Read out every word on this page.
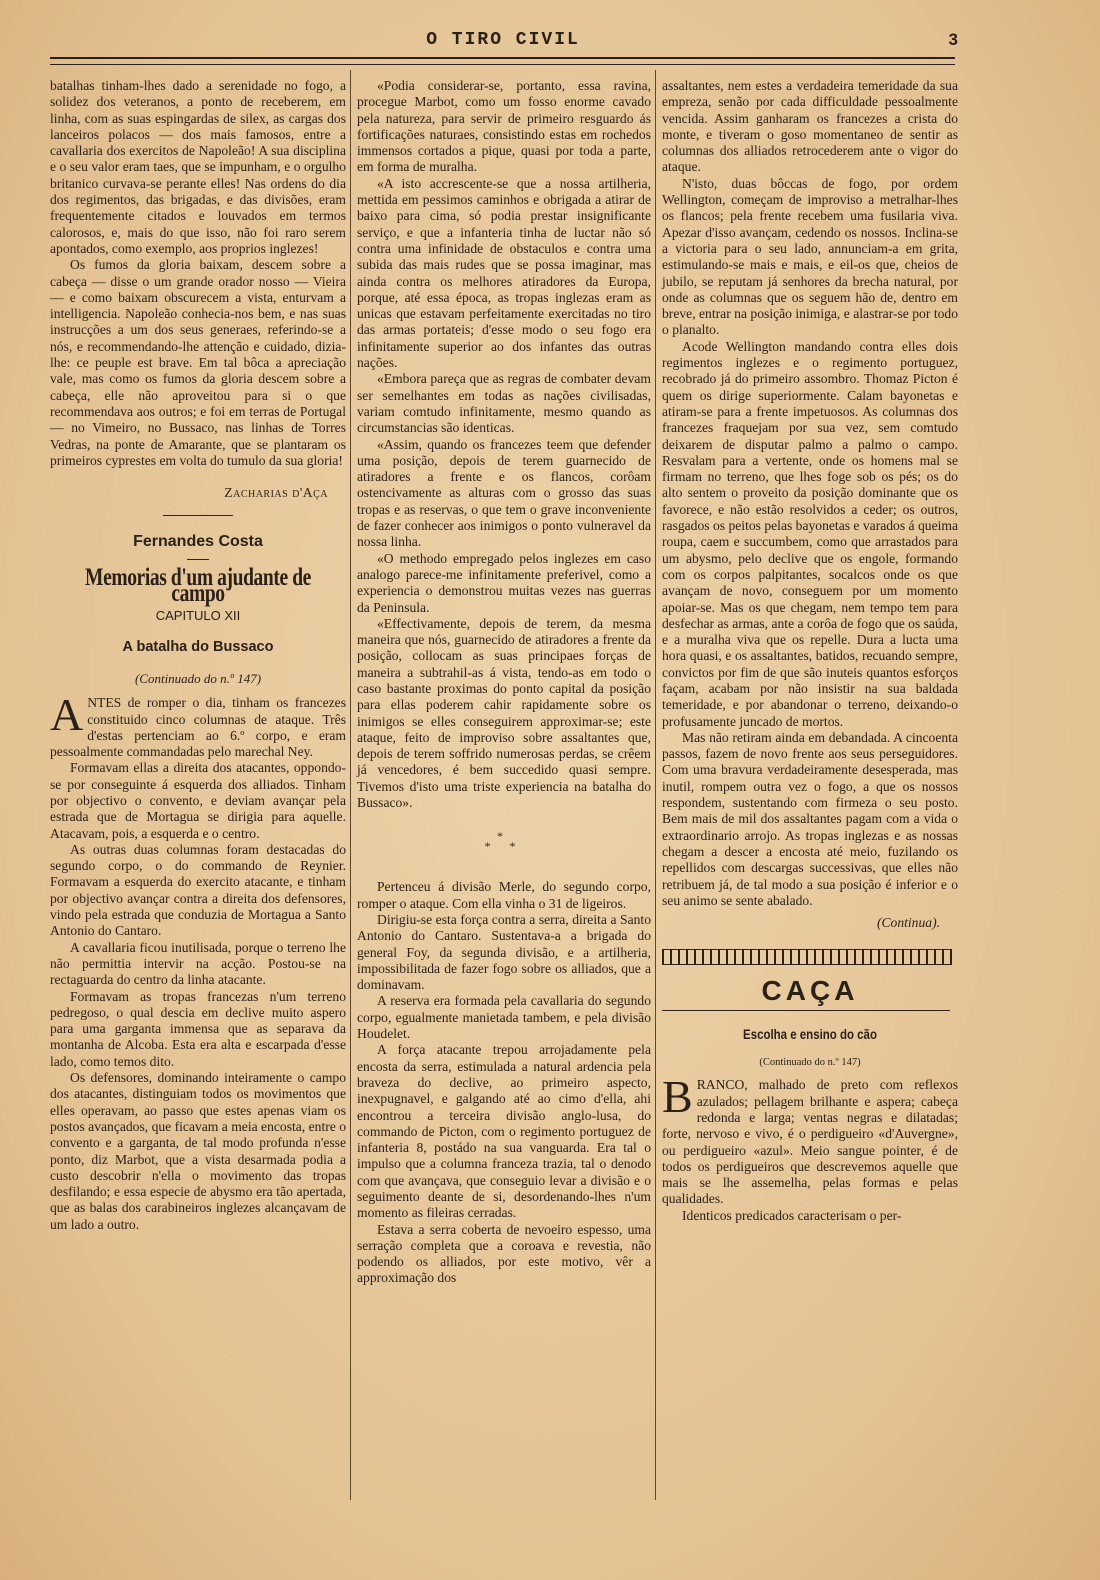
O TIRO CIVIL	3

batalhas tinham-lhes dado a serenidade no fogo, a solidez dos veteranos, a ponto de receberem, em linha, com as suas espingardas de silex, as cargas dos lanceiros polacos — dos mais famosos, entre a cavallaria dos exercitos de Napoleão! A sua disciplina e o seu valor eram taes, que se impunham, e o orgulho britanico curvava-se perante elles! Nas ordens do dia dos regimentos, das brigadas, e das divisões, eram frequentemente citados e louvados em termos calorosos, e, mais do que isso, não foi raro serem apontados, como exemplo, aos proprios inglezes!

Os fumos da gloria baixam, descem sobre a cabeça — disse o um grande orador nosso — Vieira — e como baixam obscurecem a vista, enturvam a intelligencia. Napoleão conhecia-nos bem, e nas suas instrucções a um dos seus generaes, referindo-se a nós, e recommendando-lhe attenção e cuidado, dizia-lhe: ce peuple est brave. Em tal bôca a apreciação vale, mas como os fumos da gloria descem sobre a cabeça, elle não aproveitou para si o que recommendava aos outros; e foi em terras de Portugal — no Vimeiro, no Bussaco, nas linhas de Torres Vedras, na ponte de Amarante, que se plantaram os primeiros cyprestes em volta do tumulo da sua gloria!

Zacharias d'Aça
Fernandes Costa
Memorias d'um ajudante de campo
CAPITULO XII
A batalha do Bussaco
(Continuado do n.º 147)

ANTES de romper o dia, tinham os francezes constituido cinco columnas de ataque. Três d'estas pertenciam ao 6.º corpo, e eram pessoalmente commandadas pelo marechal Ney.

Formavam ellas a direita dos atacantes, oppondo-se por conseguinte á esquerda dos alliados. Tinham por objectivo o convento, e deviam avançar pela estrada que de Mortagua se dirigia para aquelle. Atacavam, pois, a esquerda e o centro.

As outras duas columnas foram destacadas do segundo corpo, o do commando de Reynier. Formavam a esquerda do exercito atacante, e tinham por objectivo avançar contra a direita dos defensores, vindo pela estrada que conduzia de Mortagua a Santo Antonio do Cantaro.

A cavallaria ficou inutilisada, porque o terreno lhe não permittia intervir na acção. Postou-se na rectaguarda do centro da linha atacante.

Formavam as tropas francezas n'um terreno pedregoso, o qual descia em declive muito aspero para uma garganta immensa que as separava da montanha de Alcoba. Esta era alta e escarpada d'esse lado, como temos dito.

Os defensores, dominando inteiramente o campo dos atacantes, distinguiam todos os movimentos que elles operavam, ao passo que estes apenas viam os postos avançados, que ficavam a meia encosta, entre o convento e a garganta, de tal modo profunda n'esse ponto, diz Marbot, que a vista desarmada podia a custo descobrir n'ella o movimento das tropas desfilando; e essa especie de abysmo era tão apertada, que as balas dos carabineiros inglezes alcançavam de um lado a outro.

«Podia considerar-se, portanto, essa ravina, procegue Marbot, como um fosso enorme cavado pela natureza, para servir de primeiro resguardo ás fortificações naturaes, consistindo estas em rochedos immensos cortados a pique, quasi por toda a parte, em forma de muralha.

«A isto accrescente-se que a nossa artilheria, mettida em pessimos caminhos e obrigada a atirar de baixo para cima, só podia prestar insignificante serviço, e que a infanteria tinha de luctar não só contra uma infinidade de obstaculos e contra uma subida das mais rudes que se possa imaginar, mas ainda contra os melhores atiradores da Europa, porque, até essa época, as tropas inglezas eram as unicas que estavam perfeitamente exercitadas no tiro das armas portateis; d'esse modo o seu fogo era infinitamente superior ao dos infantes das outras nações.

«Embora pareça que as regras de combater devam ser semelhantes em todas as nações civilisadas, variam comtudo infinitamente, mesmo quando as circumstancias são identicas.

«Assim, quando os francezes teem que defender uma posição, depois de terem guarnecido de atiradores a frente e os flancos, corôam ostencivamente as alturas com o grosso das suas tropas e as reservas, o que tem o grave inconveniente de fazer conhecer aos inimigos o ponto vulneravel da nossa linha.

«O methodo empregado pelos inglezes em caso analogo parece-me infinitamente preferivel, como a experiencia o demonstrou muitas vezes nas guerras da Peninsula.

«Effectivamente, depois de terem, da mesma maneira que nós, guarnecido de atiradores a frente da posição, collocam as suas principaes forças de maneira a subtrahil-as á vista, tendo-as em todo o caso bastante proximas do ponto capital da posição para ellas poderem cahir rapidamente sobre os inimigos se elles conseguirem approximar-se; este ataque, feito de improviso sobre assaltantes que, depois de terem soffrido numerosas perdas, se crêem já vencedores, é bem succedido quasi sempre. Tivemos d'isto uma triste experiencia na batalha do Bussaco».

*
* *

Pertenceu á divisão Merle, do segundo corpo, romper o ataque. Com ella vinha o 31 de ligeiros.

Dirigiu-se esta força contra a serra, direita a Santo Antonio do Cantaro. Sustentava-a a brigada do general Foy, da segunda divisão, e a artilheria, impossibilitada de fazer fogo sobre os alliados, que a dominavam.

A reserva era formada pela cavallaria do segundo corpo, egualmente manietada tambem, e pela divisão Houdelet.

A força atacante trepou arrojadamente pela encosta da serra, estimulada a natural ardencia pela braveza do declive, ao primeiro aspecto, inexpugnavel, e galgando até ao cimo d'ella, ahi encontrou a terceira divisão anglo-lusa, do commando de Picton, com o regimento portuguez de infanteria 8, postádo na sua vanguarda. Era tal o impulso que a columna franceza trazia, tal o denodo com que avançava, que conseguio levar a divisão e o seguimento deante de si, desordenando-lhes n'um momento as fileiras cerradas.

Estava a serra coberta de nevoeiro espesso, uma serração completa que a coroava e revestia, não podendo os alliados, por este motivo, vêr a approximação dos

assaltantes, nem estes a verdadeira temeridade da sua empreza, senão por cada difficuldade pessoalmente vencida. Assim ganharam os francezes a crista do monte, e tiveram o goso momentaneo de sentir as columnas dos alliados retrocederem ante o vigor do ataque.

N'isto, duas bôccas de fogo, por ordem Wellington, começam de improviso a metralhar-lhes os flancos; pela frente recebem uma fusilaria viva. Apezar d'isso avançam, cedendo os nossos. Inclina-se a victoria para o seu lado, annunciam-a em grita, estimulando-se mais e mais, e eil-os que, cheios de jubilo, se reputam já senhores da brecha natural, por onde as columnas que os seguem hão de, dentro em breve, entrar na posição inimiga, e alastrar-se por todo o planalto.

Acode Wellington mandando contra elles dois regimentos inglezes e o regimento portuguez, recobrado já do primeiro assombro. Thomaz Picton é quem os dirige superiormente. Calam bayonetas e atiram-se para a frente impetuosos. As columnas dos francezes fraquejam por sua vez, sem comtudo deixarem de disputar palmo a palmo o campo. Resvalam para a vertente, onde os homens mal se firmam no terreno, que lhes foge sob os pés; os do alto sentem o proveito da posição dominante que os favorece, e não estão resolvidos a ceder; os outros, rasgados os peitos pelas bayonetas e varados á queima roupa, caem e succumbem, como que arrastados para um abysmo, pelo declive que os engole, formando com os corpos palpitantes, socalcos onde os que avançam de novo, conseguem por um momento apoiar-se. Mas os que chegam, nem tempo tem para desfechar as armas, ante a corôa de fogo que os saúda, e a muralha viva que os repelle. Dura a lucta uma hora quasi, e os assaltantes, batidos, recuando sempre, convictos por fim de que são inuteis quantos esforços façam, acabam por não insistir na sua baldada temeridade, e por abandonar o terreno, deixando-o profusamente juncado de mortos.

Mas não retiram ainda em debandada. A cincoenta passos, fazem de novo frente aos seus perseguidores. Com uma bravura verdadeiramente desesperada, mas inutil, rompem outra vez o fogo, a que os nossos respondem, sustentando com firmeza o seu posto. Bem mais de mil dos assaltantes pagam com a vida o extraordinario arrojo. As tropas inglezas e as nossas chegam a descer a encosta até meio, fuzilando os repellidos com descargas successivas, que elles não retribuem já, de tal modo a sua posição é inferior e o seu animo se sente abalado.

(Continua).
CAÇA
Escolha e ensino do cão
(Continuado do n.º 147)

BRANCO, malhado de preto com reflexos azulados; pellagem brilhante e aspera; cabeça redonda e larga; ventas negras e dilatadas; forte, nervoso e vivo, é o perdigueiro «d'Auvergne», ou perdigueiro «azul». Meio sangue pointer, é de todos os perdigueiros que descrevemos aquelle que mais se lhe assemelha, pelas formas e pelas qualidades.

Identicos predicados caracterisam o per-
